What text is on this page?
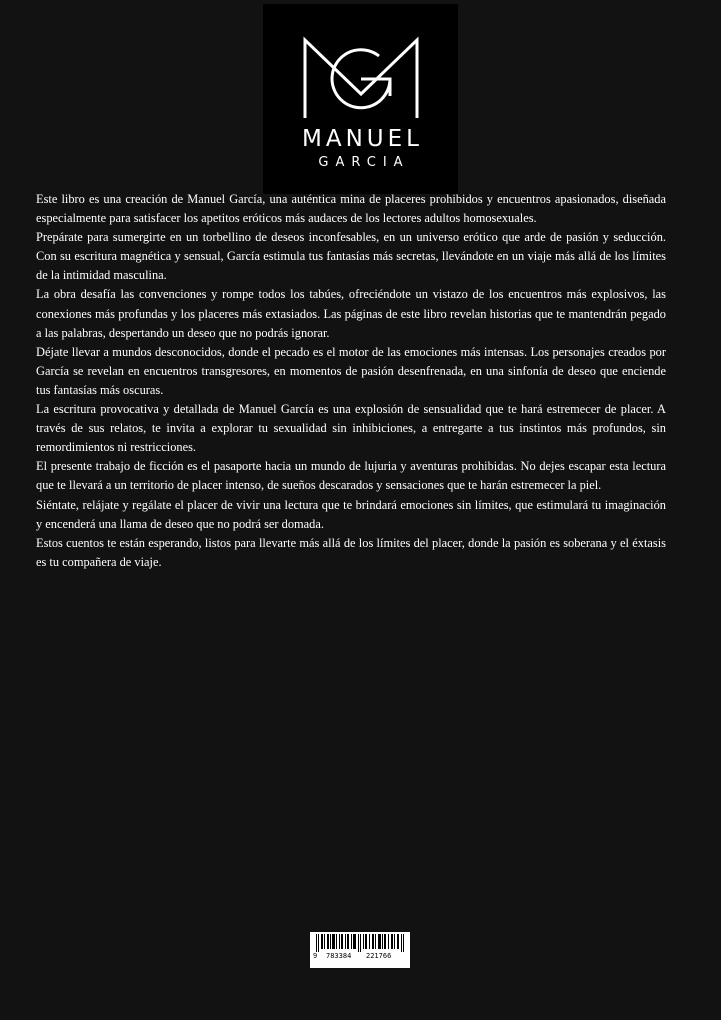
MANUEL
GARCIA

Este libro es una creación de Manuel García, una auténtica mina de placeres prohibidos y encuentros apasionados, diseñada especialmente para satisfacer los apetitos eróticos más audaces de los lectores adultos homosexuales.

Prepárate para sumergirte en un torbellino de deseos inconfesables, en un universo erótico que arde de pasión y seducción. Con su escritura magnética y sensual, García estimula tus fantasías más secretas, llevándote en un viaje más allá de los límites de la intimidad masculina.

La obra desafía las convenciones y rompe todos los tabúes, ofreciéndote un vistazo de los encuentros más explosivos, las conexiones más profundas y los placeres más extasiados. Las páginas de este libro revelan historias que te mantendrán pegado a las palabras, despertando un deseo que no podrás ignorar.

Déjate llevar a mundos desconocidos, donde el pecado es el motor de las emociones más intensas. Los personajes creados por García se revelan en encuentros transgresores, en momentos de pasión desenfrenada, en una sinfonía de deseo que enciende tus fantasías más oscuras.

La escritura provocativa y detallada de Manuel García es una explosión de sensualidad que te hará estremecer de placer. A través de sus relatos, te invita a explorar tu sexualidad sin inhibiciones, a entregarte a tus instintos más profundos, sin remordimientos ni restricciones.

El presente trabajo de ficción es el pasaporte hacia un mundo de lujuria y aventuras prohibidas. No dejes escapar esta lectura que te llevará a un territorio de placer intenso, de sueños descarados y sensaciones que te harán estremecer la piel.

Siéntate, relájate y regálate el placer de vivir una lectura que te brindará emociones sin límites, que estimulará tu imaginación y encenderá una llama de deseo que no podrá ser domada.

Estos cuentos te están esperando, listos para llevarte más allá de los límites del placer, donde la pasión es soberana y el éxtasis es tu compañera de viaje.

9 783384 221766
